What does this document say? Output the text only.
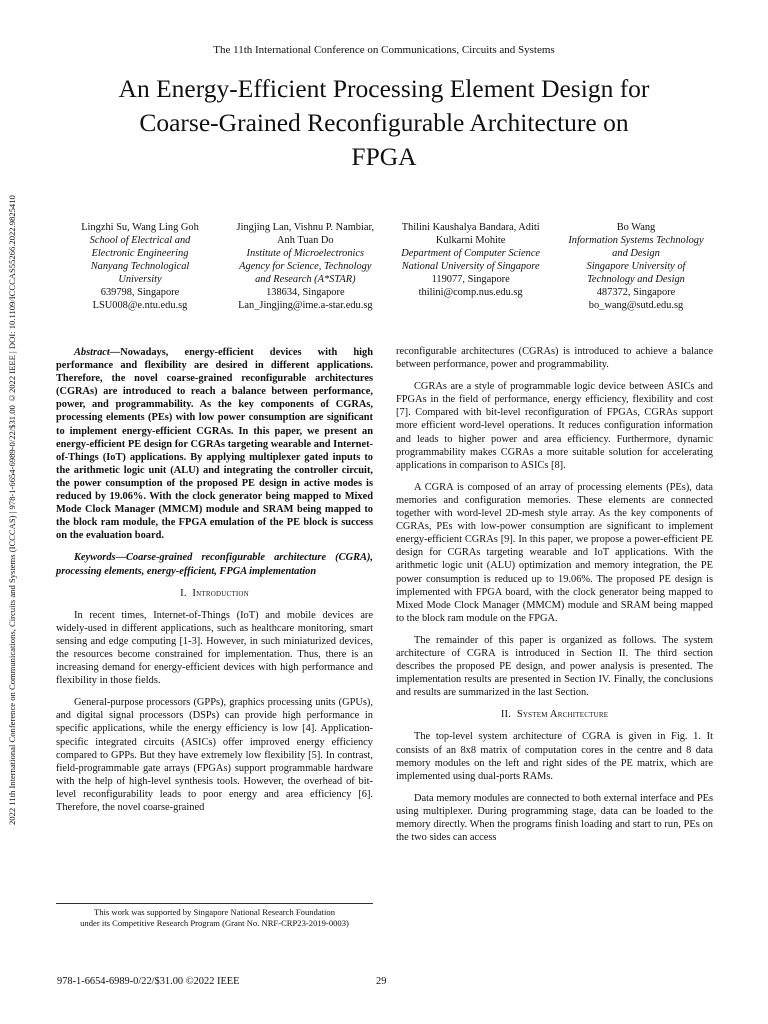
The 11th International Conference on Communications, Circuits and Systems
An Energy-Efficient Processing Element Design for
Coarse-Grained Reconfigurable Architecture on
FPGA
2022 11th International Conference on Communications, Circuits and Systems (ICCCAS) | 978-1-6654-6989-0/22/$31.00 ©2022 IEEE | DOI: 10.1109/ICCCAS55266.2022.9825410	Lingzhi Su, Wang Ling Goh
School of Electrical and
Electronic Engineering
Nanyang Technological
University
639798, Singapore
LSU008@e.ntu.edu.sg
Jingjing Lan, Vishnu P. Nambiar,
Anh Tuan Do
Institute of Microelectronics
Agency for Science, Technology
and Research (A*STAR)
138634, Singapore
Lan_Jingjing@ime.a-star.edu.sg
Thilini Kaushalya Bandara, Aditi
Kulkarni Mohite
Department of Computer Science
National University of Singapore
119077, Singapore
thilini@comp.nus.edu.sg
Bo Wang
Information Systems Technology
and Design
Singapore University of
Technology and Design
487372, Singapore
bo_wang@sutd.edu.sg

Abstract—Nowadays, energy-efficient devices with high performance and flexibility are desired in different applications. Therefore, the novel coarse-grained reconfigurable architectures (CGRAs) are introduced to reach a balance between performance, power, and programmability. As the key components of CGRAs, processing elements (PEs) with low power consumption are significant to implement energy-efficient CGRAs. In this paper, we present an energy-efficient PE design for CGRAs targeting wearable and Internet-of-Things (IoT) applications. By applying multiplexer gated inputs to the arithmetic logic unit (ALU) and integrating the controller circuit, the power consumption of the proposed PE design in active modes is reduced by 19.06%. With the clock generator being mapped to Mixed Mode Clock Manager (MMCM) module and SRAM being mapped to the block ram module, the FPGA emulation of the PE block is success on the evaluation board.

Keywords—Coarse-grained reconfigurable architecture (CGRA), processing elements, energy-efficient, FPGA implementation

I. Introduction

In recent times, Internet-of-Things (IoT) and mobile devices are widely-used in different applications, such as healthcare monitoring, smart sensing and edge computing [1-3]. However, in such miniaturized devices, the resources become constrained for implementation. Thus, there is an increasing demand for energy-efficient devices with high performance and flexibility in those fields.

General-purpose processors (GPPs), graphics processing units (GPUs), and digital signal processors (DSPs) can provide high performance in specific applications, while the energy efficiency is low [4]. Application-specific integrated circuits (ASICs) offer improved energy efficiency compared to GPPs. But they have extremely low flexibility [5]. In contrast, field-programmable gate arrays (FPGAs) support programmable hardware with the help of high-level synthesis tools. However, the overhead of bit-level reconfigurability leads to poor energy and area efficiency [6]. Therefore, the novel coarse-grained

reconfigurable architectures (CGRAs) is introduced to achieve a balance between performance, power and programmability.

CGRAs are a style of programmable logic device between ASICs and FPGAs in the field of performance, energy efficiency, flexibility and cost [7]. Compared with bit-level reconfiguration of FPGAs, CGRAs support more efficient word-level operations. It reduces configuration information and leads to higher power and area efficiency. Furthermore, dynamic programmability makes CGRAs a more suitable solution for accelerating applications in comparison to ASICs [8].

A CGRA is composed of an array of processing elements (PEs), data memories and configuration memories. These elements are connected together with word-level 2D-mesh style array. As the key components of CGRAs, PEs with low-power consumption are significant to implement energy-efficient CGRAs [9]. In this paper, we propose a power-efficient PE design for CGRAs targeting wearable and IoT applications. With the arithmetic logic unit (ALU) optimization and memory integration, the PE power consumption is reduced up to 19.06%. The proposed PE design is implemented with FPGA board, with the clock generator being mapped to Mixed Mode Clock Manager (MMCM) module and SRAM being mapped to the block ram module on the FPGA.

The remainder of this paper is organized as follows. The system architecture of CGRA is introduced in Section II. The third section describes the proposed PE design, and power analysis is presented. The implementation results are presented in Section IV. Finally, the conclusions and results are summarized in the last Section.

II. System Architecture

The top-level system architecture of CGRA is given in Fig. 1. It consists of an 8x8 matrix of computation cores in the centre and 8 data memory modules on the left and right sides of the PE matrix, which are implemented using dual-ports RAMs.

Data memory modules are connected to both external interface and PEs using multiplexer. During programming stage, data can be loaded to the memory directly. When the programs finish loading and start to run, PEs on the two sides can access

This work was supported by Singapore National Research Foundation
under its Competitive Research Program (Grant No. NRF-CRP23-2019-0003)
978-1-6654-6989-0/22/$31.00 ©2022 IEEE	29
